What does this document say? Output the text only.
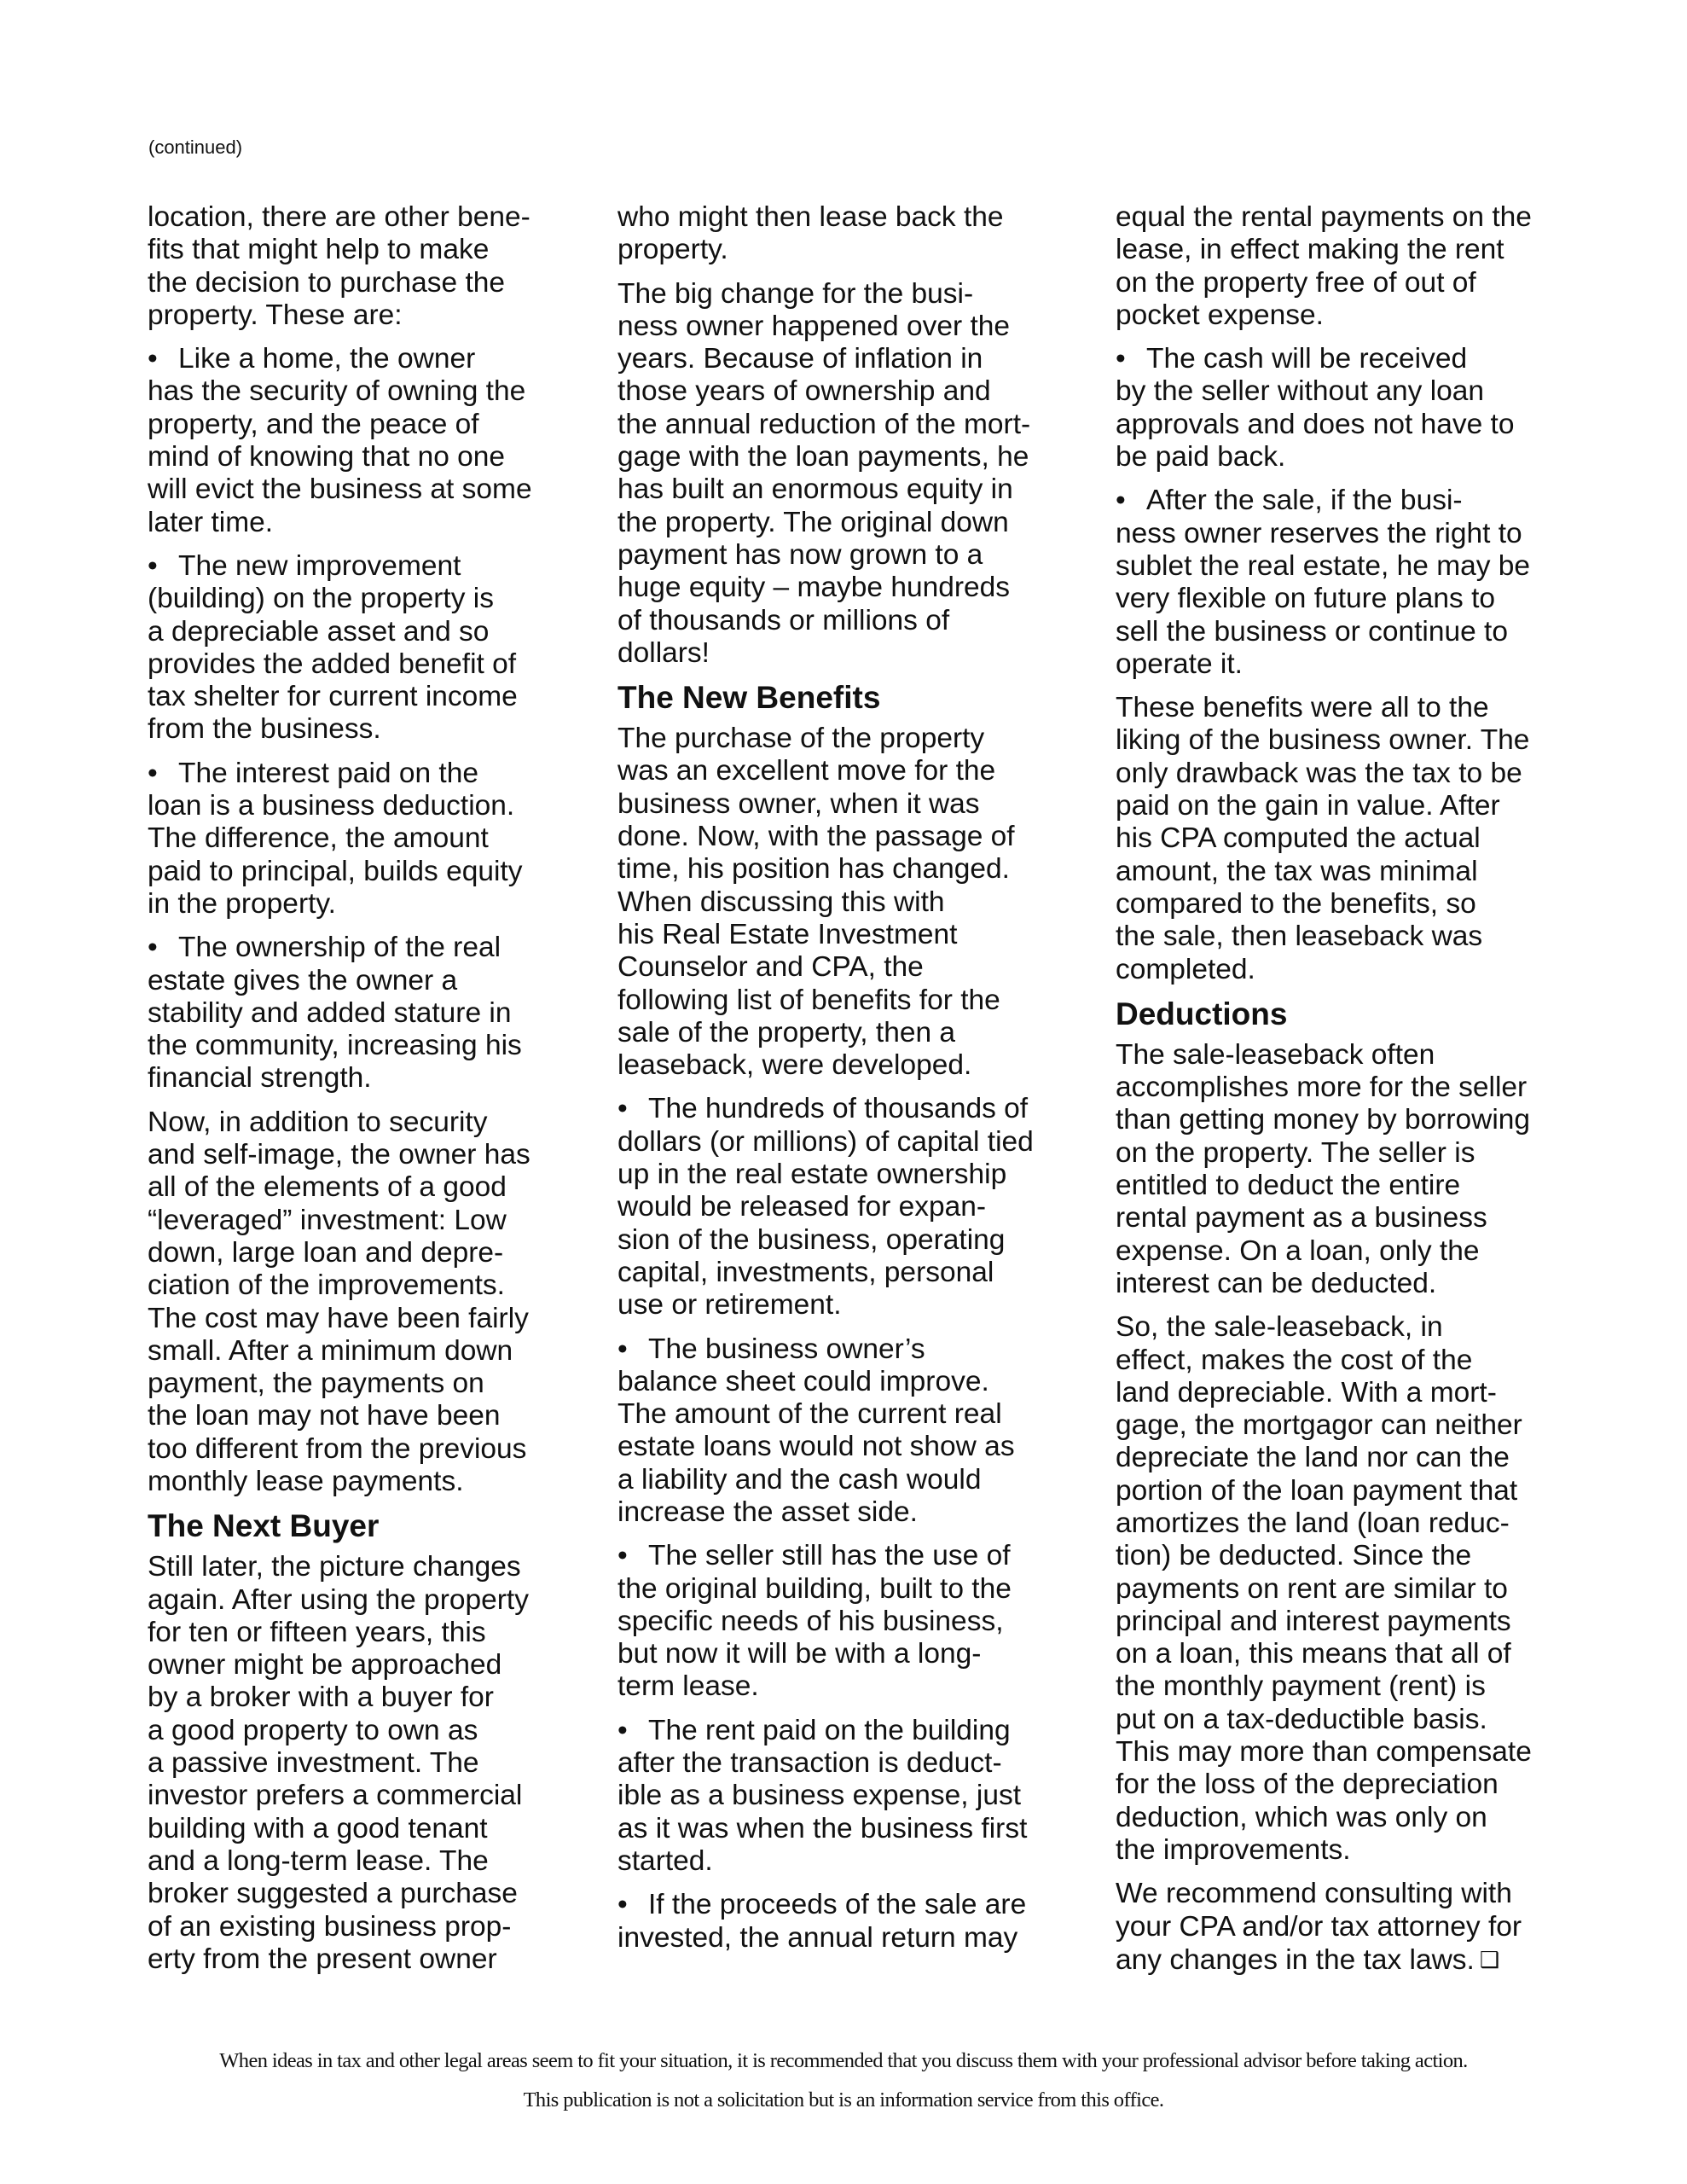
(continued)
location, there are other bene-
fits that might help to make
the decision to purchase the
property. These are:
• Like a home, the owner
has the security of owning the
property, and the peace of
mind of knowing that no one
will evict the business at some
later time.
• The new improvement
(building) on the property is
a depreciable asset and so
provides the added benefit of
tax shelter for current income
from the business.
• The interest paid on the
loan is a business deduction.
The difference, the amount
paid to principal, builds equity
in the property.
• The ownership of the real
estate gives the owner a
stability and added stature in
the community, increasing his
financial strength.
Now, in addition to security
and self-image, the owner has
all of the elements of a good
“leveraged” investment: Low
down, large loan and depre-
ciation of the improvements.
The cost may have been fairly
small. After a minimum down
payment, the payments on
the loan may not have been
too different from the previous
monthly lease payments.
The Next Buyer
Still later, the picture changes
again. After using the property
for ten or fifteen years, this
owner might be approached
by a broker with a buyer for
a good property to own as
a passive investment. The
investor prefers a commercial
building with a good tenant
and a long-term lease. The
broker suggested a purchase
of an existing business prop-
erty from the present owner
who might then lease back the
property.
The big change for the busi-
ness owner happened over the
years. Because of inflation in
those years of ownership and
the annual reduction of the mort-
gage with the loan payments, he
has built an enormous equity in
the property. The original down
payment has now grown to a
huge equity – maybe hundreds
of thousands or millions of
dollars!
The New Benefits
The purchase of the property
was an excellent move for the
business owner, when it was
done. Now, with the passage of
time, his position has changed.
When discussing this with
his Real Estate Investment
Counselor and CPA, the
following list of benefits for the
sale of the property, then a
leaseback, were developed.
• The hundreds of thousands of
dollars (or millions) of capital tied
up in the real estate ownership
would be released for expan-
sion of the business, operating
capital, investments, personal
use or retirement.
• The business owner’s
balance sheet could improve.
The amount of the current real
estate loans would not show as
a liability and the cash would
increase the asset side.
• The seller still has the use of
the original building, built to the
specific needs of his business,
but now it will be with a long-
term lease.
• The rent paid on the building
after the transaction is deduct-
ible as a business expense, just
as it was when the business first
started.
• If the proceeds of the sale are
invested, the annual return may
equal the rental payments on the
lease, in effect making the rent
on the property free of out of
pocket expense.
• The cash will be received
by the seller without any loan
approvals and does not have to
be paid back.
• After the sale, if the busi-
ness owner reserves the right to
sublet the real estate, he may be
very flexible on future plans to
sell the business or continue to
operate it.
These benefits were all to the
liking of the business owner. The
only drawback was the tax to be
paid on the gain in value. After
his CPA computed the actual
amount, the tax was minimal
compared to the benefits, so
the sale, then leaseback was
completed.
Deductions
The sale-leaseback often
accomplishes more for the seller
than getting money by borrowing
on the property. The seller is
entitled to deduct the entire
rental payment as a business
expense. On a loan, only the
interest can be deducted.
So, the sale-leaseback, in
effect, makes the cost of the
land depreciable. With a mort-
gage, the mortgagor can neither
depreciate the land nor can the
portion of the loan payment that
amortizes the land (loan reduc-
tion) be deducted. Since the
payments on rent are similar to
principal and interest payments
on a loan, this means that all of
the monthly payment (rent) is
put on a tax-deductible basis.
This may more than compensate
for the loss of the depreciation
deduction, which was only on
the improvements.
We recommend consulting with
your CPA and/or tax attorney for
any changes in the tax laws. ❑
When ideas in tax and other legal areas seem to fit your situation, it is recommended that you discuss them with your professional advisor before taking action.
This publication is not a solicitation but is an information service from this office.
